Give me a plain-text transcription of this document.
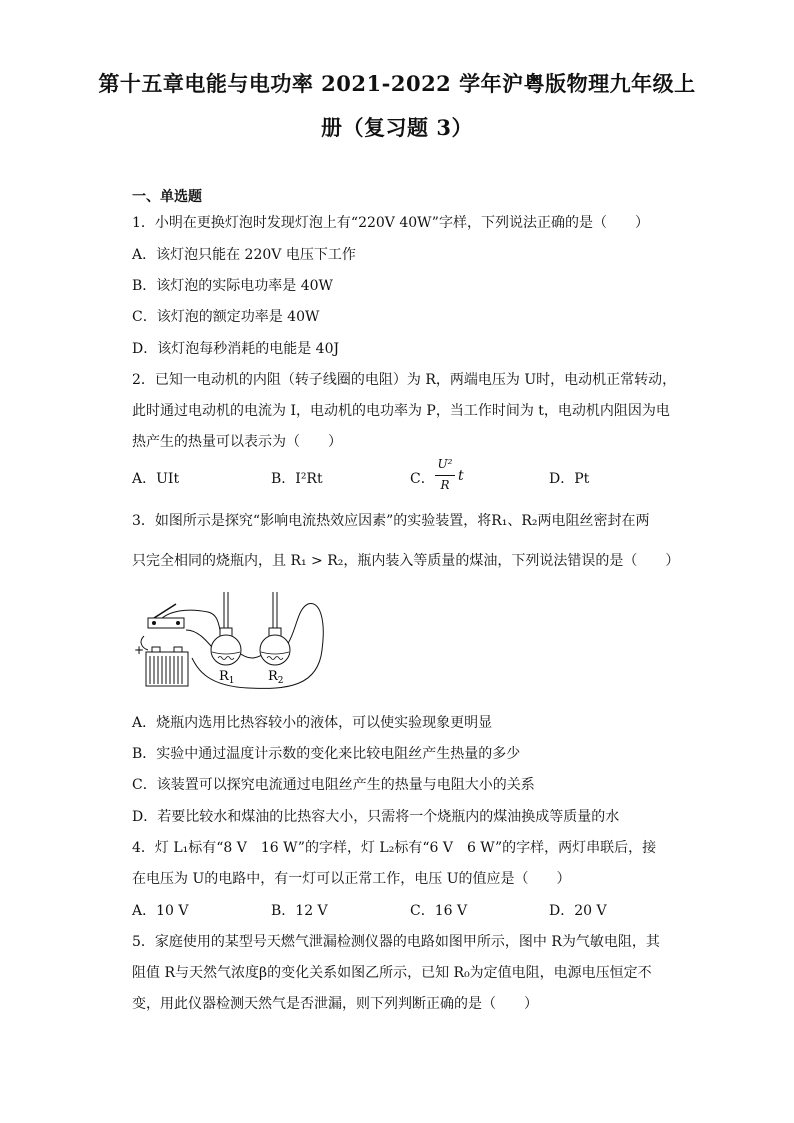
第十五章电能与电功率 2021-2022 学年沪粤版物理九年级上
册（复习题 3）
一、单选题
1．小明在更换灯泡时发现灯泡上有“220V 40W”字样，下列说法正确的是（　　）
A．该灯泡只能在 220V 电压下工作
B．该灯泡的实际电功率是 40W
C．该灯泡的额定功率是 40W
D．该灯泡每秒消耗的电能是 40J
2．已知一电动机的内阻（转子线圈的电阻）为 R，两端电压为 U时，电动机正常转动，
此时通过电动机的电流为 I，电动机的电功率为 P，当工作时间为 t，电动机内阻因为电
热产生的热量可以表示为（　　）
A．UIt	B．I²Rt	C．
U²
R
t	D．Pt
3．如图所示是探究“影响电流热效应因素”的实验装置，将R₁、R₂两电阻丝密封在两
只完全相同的烧瓶内，且 R₁ > R₂，瓶内装入等质量的煤油，下列说法错误的是（　　）
+
$R_1$	$R_2$
A．烧瓶内选用比热容较小的液体，可以使实验现象更明显
B．实验中通过温度计示数的变化来比较电阻丝产生热量的多少
C．该装置可以探究电流通过电阻丝产生的热量与电阻大小的关系
D．若要比较水和煤油的比热容大小，只需将一个烧瓶内的煤油换成等质量的水
4．灯 L₁标有“8 V　16 W”的字样，灯 L₂标有“6 V　6 W”的字样，两灯串联后，接
在电压为 U的电路中，有一灯可以正常工作，电压 U的值应是（　　）
A．10 V	B．12 V	C．16 V	D．20 V
5．家庭使用的某型号天燃气泄漏检测仪器的电路如图甲所示，图中 R为气敏电阻，其
阻值 R与天然气浓度β的变化关系如图乙所示，已知 R₀为定值电阻，电源电压恒定不
变，用此仪器检测天然气是否泄漏，则下列判断正确的是（　　）
